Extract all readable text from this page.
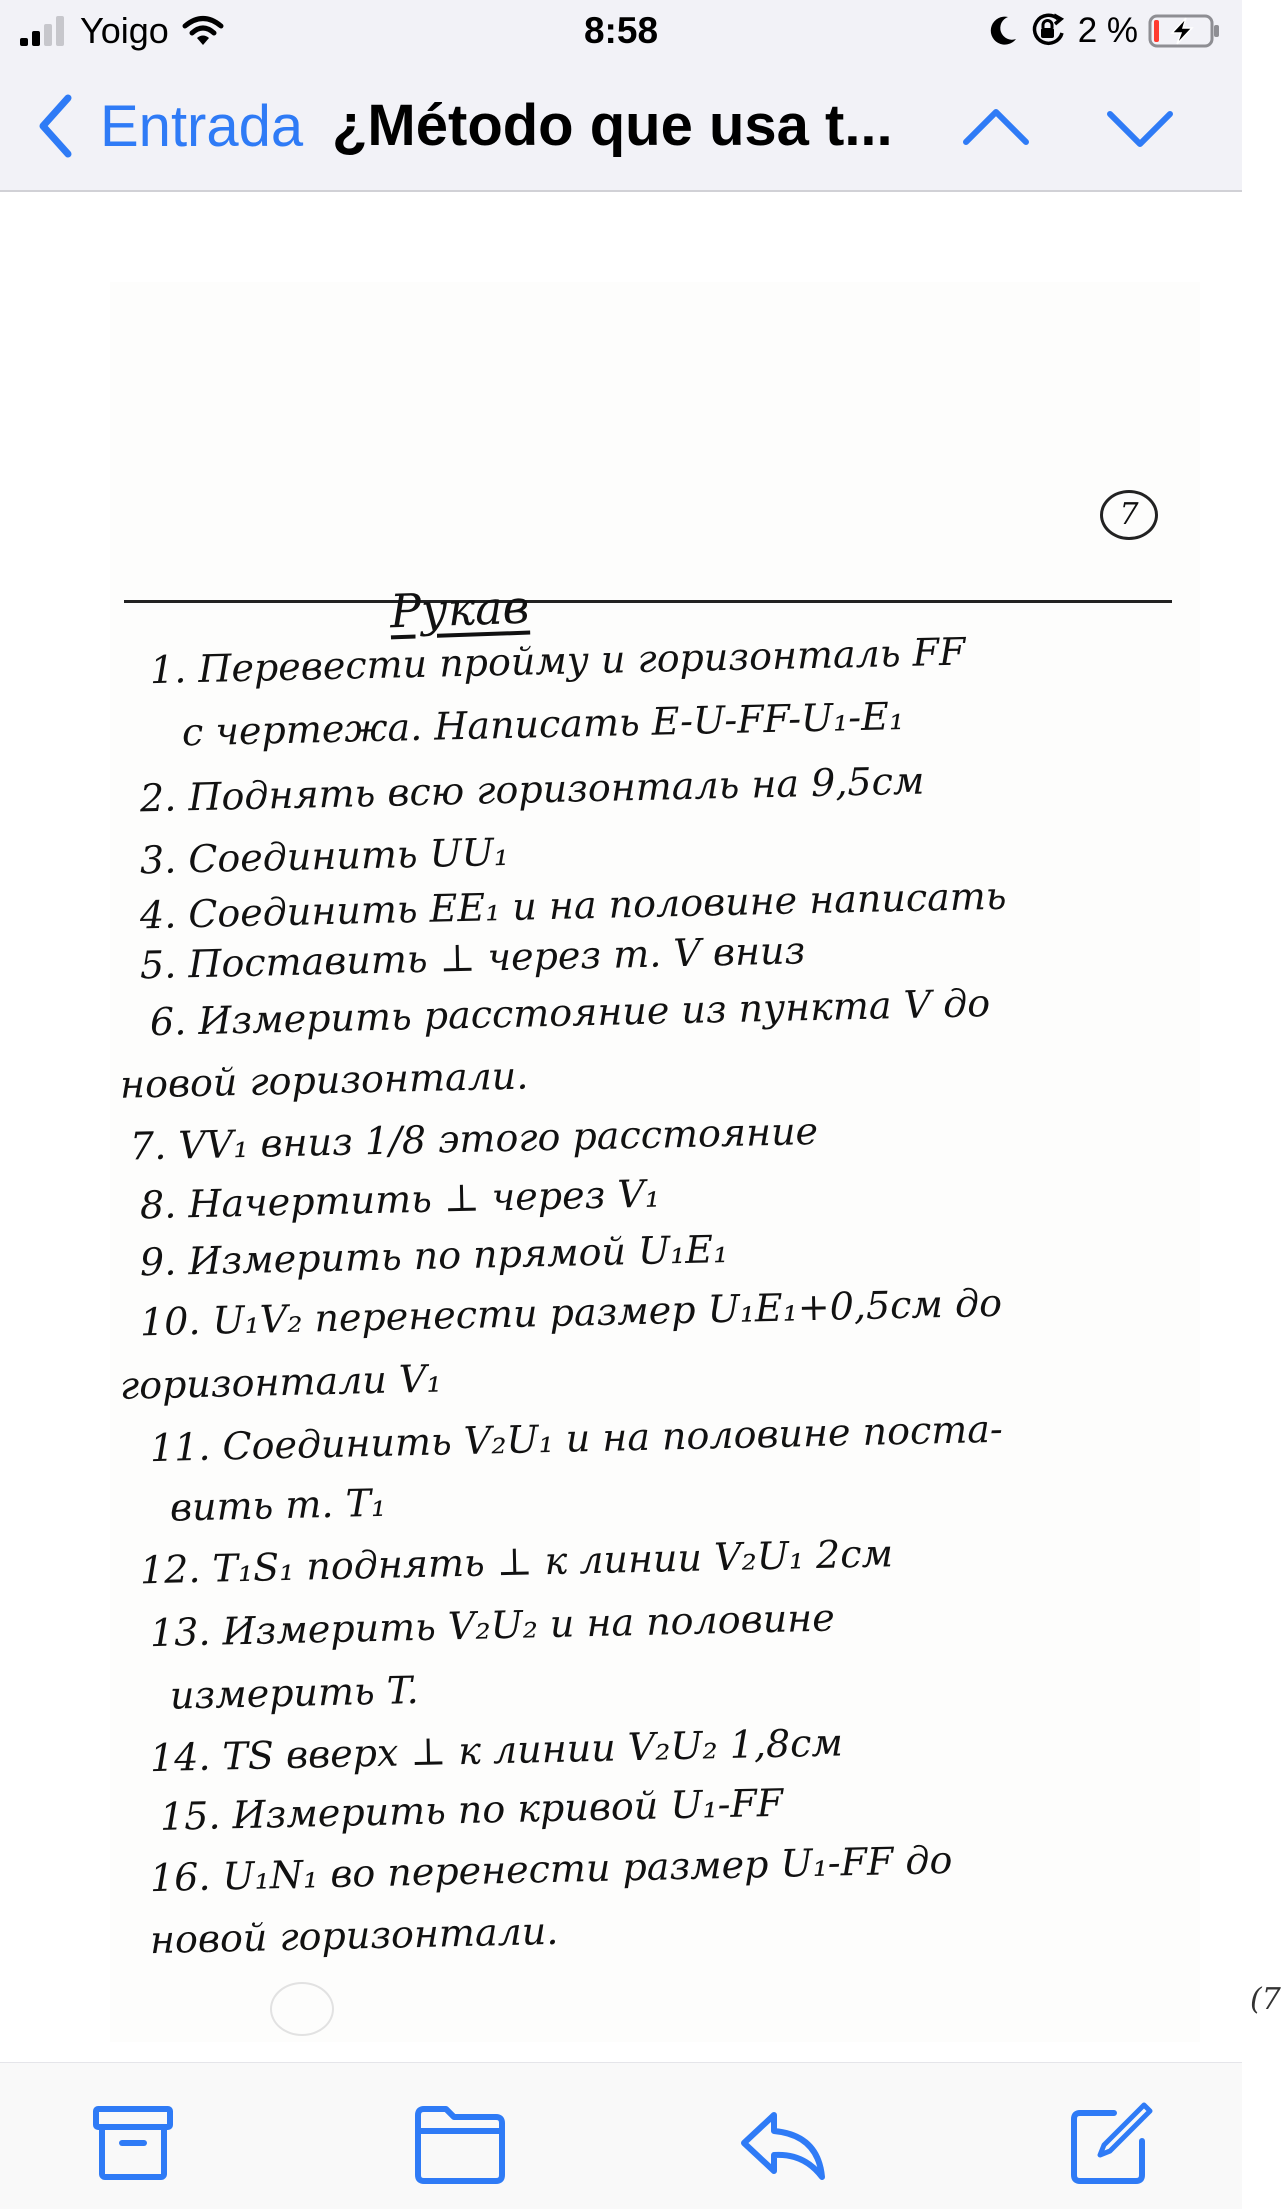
Yoigo	8:58	2 %
Entrada ¿Método que usa t...
7
Рукав
1. Перевести пройму и горизонталь FF
с чертежа. Написать E-U-FF-U₁-E₁
2. Поднять всю горизонталь на 9,5см
3. Соединить UU₁
4. Соединить EE₁ и на половине написать
5. Поставить ⊥ через т. V вниз
6. Измерить расстояние из пункта V до
новой горизонтали.
7. VV₁ вниз 1/8 этого расстояние
8. Начертить ⊥ через V₁
9. Измерить по прямой U₁E₁
10. U₁V₂ перенести размер U₁E₁+0,5см до
горизонтали V₁
11. Соединить V₂U₁ и на половине поста-
вить т. T₁
12. T₁S₁ поднять ⊥ к линии V₂U₁ 2см
13. Измерить V₂U₂ и на половине
измерить T.
14. TS вверх ⊥ к линии V₂U₂ 1,8см
15. Измерить по кривой U₁-FF
16. U₁N₁ во перенести размер U₁-FF до
новой горизонтали.
(7
